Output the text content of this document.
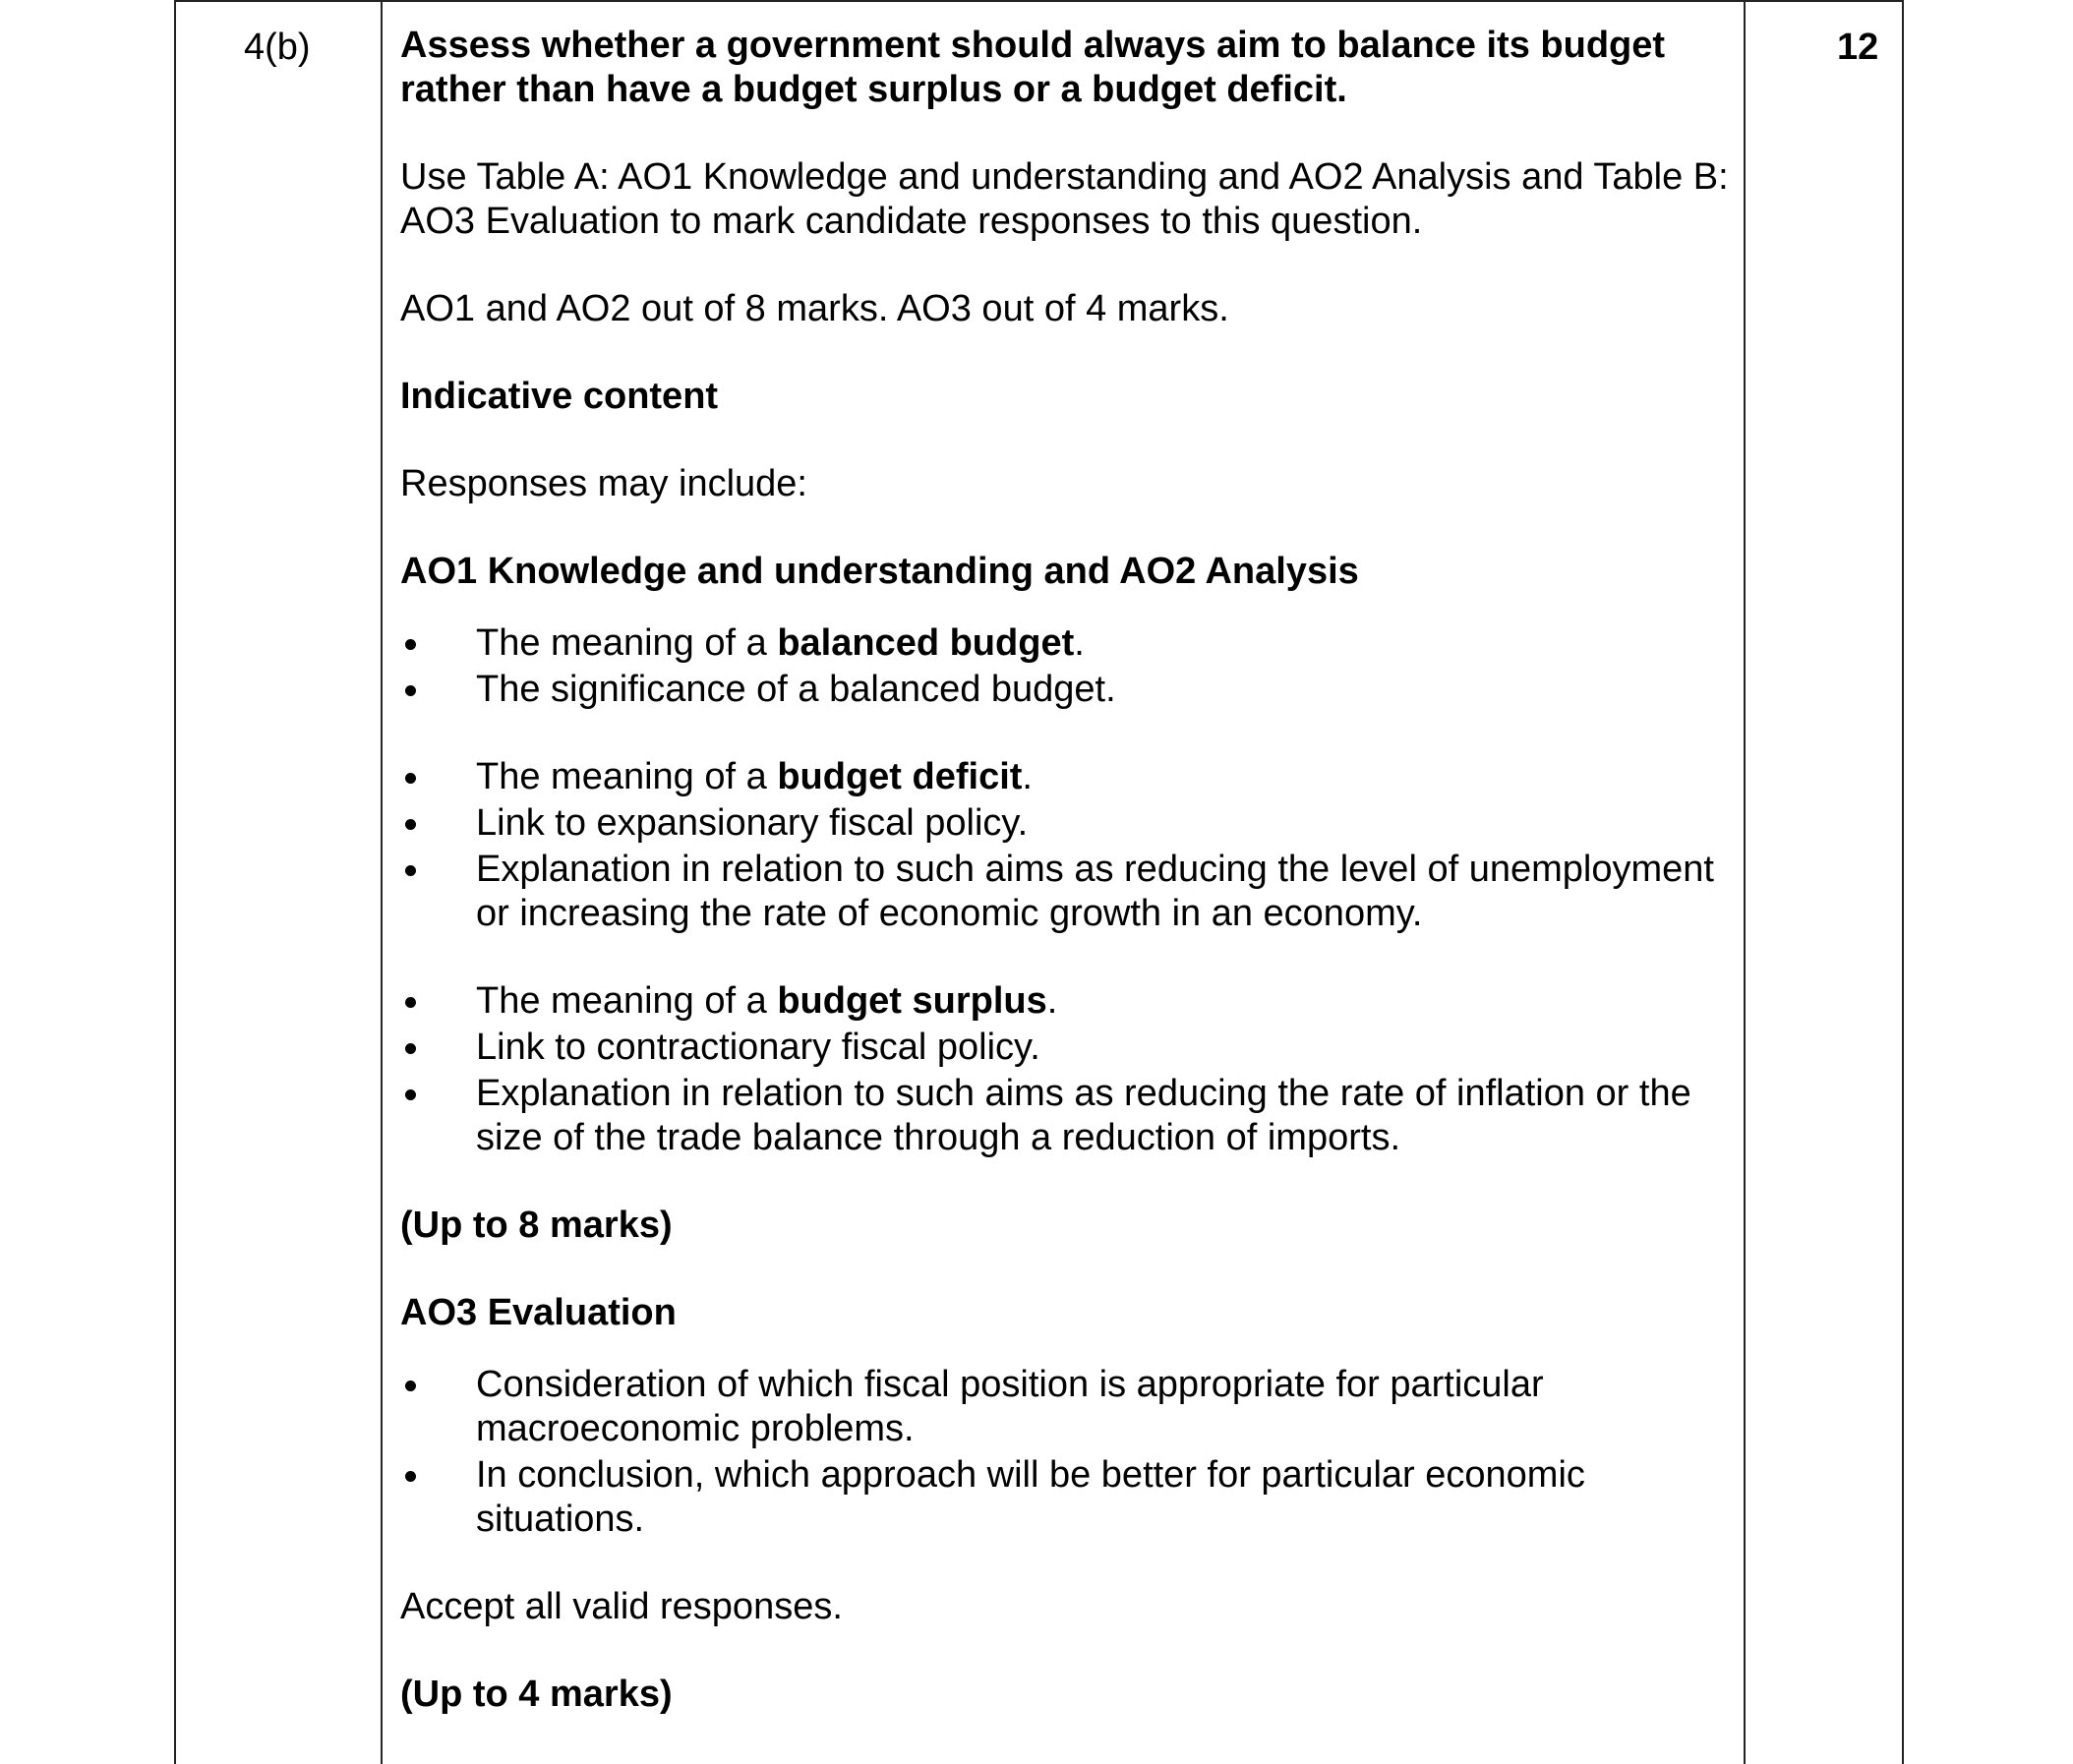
4(b)	12

Assess whether a government should always aim to balance its budget rather than have a budget surplus or a budget deficit.

Use Table A: AO1 Knowledge and understanding and AO2 Analysis and Table B: AO3 Evaluation to mark candidate responses to this question.

AO1 and AO2 out of 8 marks. AO3 out of 4 marks.

Indicative content

Responses may include:

AO1 Knowledge and understanding and AO2 Analysis

The meaning of a balanced budget.
The significance of a balanced budget.
The meaning of a budget deficit.
Link to expansionary fiscal policy.
Explanation in relation to such aims as reducing the level of unemployment or increasing the rate of economic growth in an economy.
The meaning of a budget surplus.
Link to contractionary fiscal policy.
Explanation in relation to such aims as reducing the rate of inflation or the size of the trade balance through a reduction of imports.

(Up to 8 marks)

AO3 Evaluation

Consideration of which fiscal position is appropriate for particular macroeconomic problems.
In conclusion, which approach will be better for particular economic situations.

Accept all valid responses.

(Up to 4 marks)
